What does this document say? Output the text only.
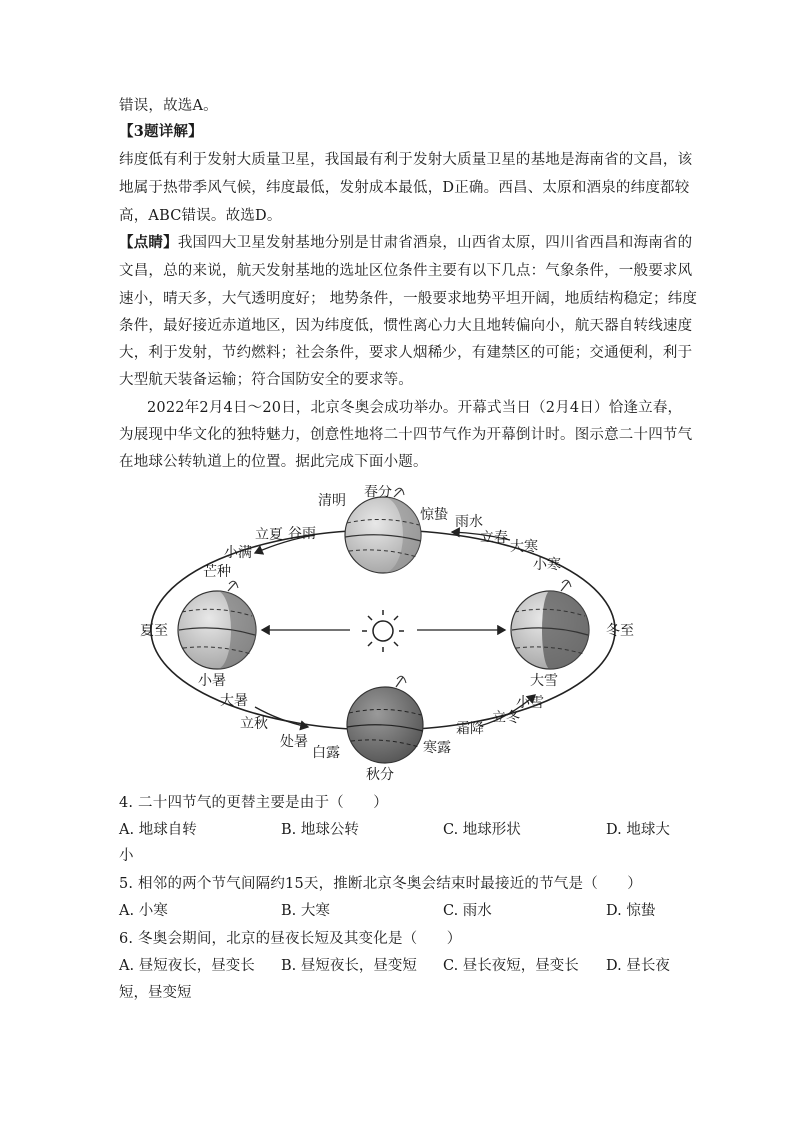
错误，故选A。
【3题详解】
纬度低有利于发射大质量卫星，我国最有利于发射大质量卫星的基地是海南省的文昌，该
地属于热带季风气候，纬度最低，发射成本最低，D正确。西昌、太原和酒泉的纬度都较
高，ABC错误。故选D。
【点睛】我国四大卫星发射基地分别是甘肃省酒泉，山西省太原，四川省西昌和海南省的
文昌，总的来说，航天发射基地的选址区位条件主要有以下几点：气象条件，一般要求风
速小，晴天多，大气透明度好； 地势条件，一般要求地势平坦开阔，地质结构稳定；纬度
条件，最好接近赤道地区，因为纬度低，惯性离心力大且地转偏向小，航天器自转线速度
大，利于发射，节约燃料；社会条件，要求人烟稀少，有建禁区的可能；交通便利，利于
大型航天装备运输；符合国防安全的要求等。
2022年2月4日～20日，北京冬奥会成功举办。开幕式当日（2月4日）恰逢立春，
为展现中华文化的独特魅力，创意性地将二十四节气作为开幕倒计时。图示意二十四节气
在地球公转轨道上的位置。据此完成下面小题。
春分
清明
谷雨
立夏
小满
芒种
夏至
小暑
大暑
立秋
处暑
白露
秋分
寒露
霜降
立冬
小雪
大雪
冬至
小寒
大寒
立春
雨水
惊蛰
4. 二十四节气的更替主要是由于（　　）
A. 地球自转	B. 地球公转	C. 地球形状	D. 地球大
小
5. 相邻的两个节气间隔约15天，推断北京冬奥会结束时最接近的节气是（　　）
A. 小寒	B. 大寒	C. 雨水	D. 惊蛰
6. 冬奥会期间，北京的昼夜长短及其变化是（　　）
A. 昼短夜长，昼变长 B. 昼短夜长，昼变短 C. 昼长夜短，昼变长 D. 昼长夜
短，昼变短
